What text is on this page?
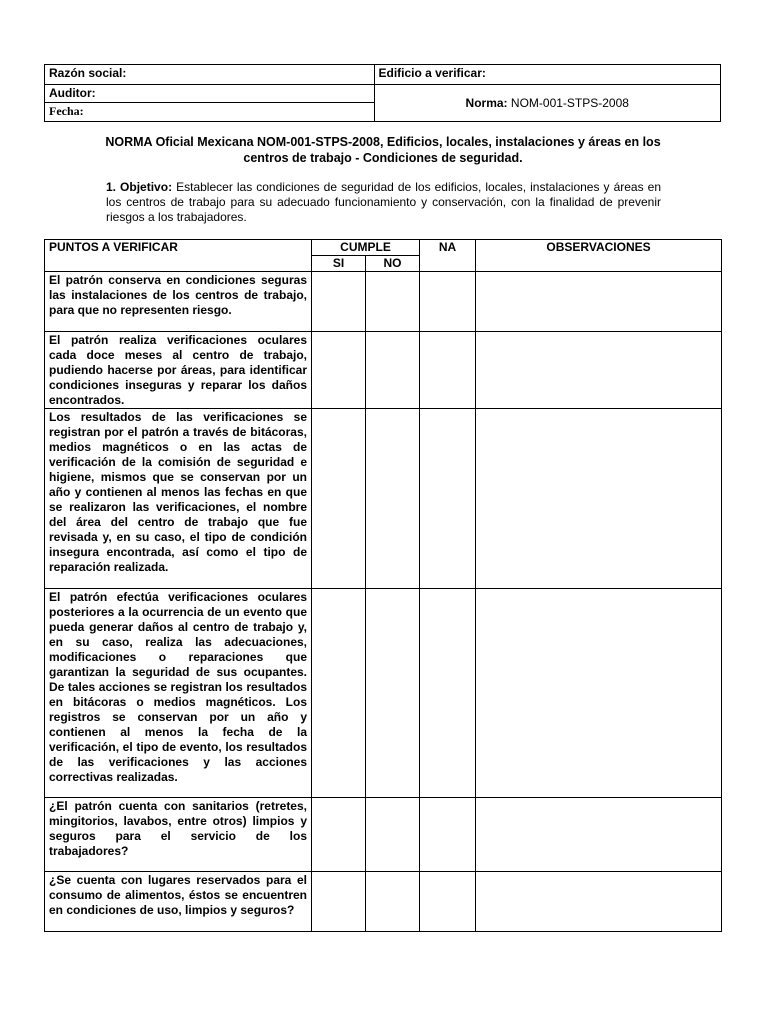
Razón social:	Edificio a verificar:
Auditor:	Norma: NOM-001-STPS-2008
Fecha:	
NORMA Oficial Mexicana NOM-001-STPS-2008, Edificios, locales, instalaciones y áreas en los centros de trabajo - Condiciones de seguridad.
1. Objetivo: Establecer las condiciones de seguridad de los edificios, locales, instalaciones y áreas en los centros de trabajo para su adecuado funcionamiento y conservación, con la finalidad de prevenir riesgos a los trabajadores.
PUNTOS A VERIFICAR	CUMPLE		NA	OBSERVACIONES
	SI	NO		
El patrón conserva en condiciones seguras las instalaciones de los centros de trabajo, para que no representen riesgo.				
El patrón realiza verificaciones oculares cada doce meses al centro de trabajo, pudiendo hacerse por áreas, para identificar condiciones inseguras y reparar los daños encontrados.				
Los resultados de las verificaciones se registran por el patrón a través de bitácoras, medios magnéticos o en las actas de verificación de la comisión de seguridad e higiene, mismos que se conservan por un año y contienen al menos las fechas en que se realizaron las verificaciones, el nombre del área del centro de trabajo que fue revisada y, en su caso, el tipo de condición insegura encontrada, así como el tipo de reparación realizada.				
El patrón efectúa verificaciones oculares posteriores a la ocurrencia de un evento que pueda generar daños al centro de trabajo y, en su caso, realiza las adecuaciones, modificaciones o reparaciones que garantizan la seguridad de sus ocupantes. De tales acciones se registran los resultados en bitácoras o medios magnéticos. Los registros se conservan por un año y contienen al menos la fecha de la verificación, el tipo de evento, los resultados de las verificaciones y las acciones correctivas realizadas.				
¿El patrón cuenta con sanitarios (retretes, mingitorios, lavabos, entre otros) limpios y seguros para el servicio de los trabajadores?				
¿Se cuenta con lugares reservados para el consumo de alimentos, éstos se encuentren en condiciones de uso, limpios y seguros?				
